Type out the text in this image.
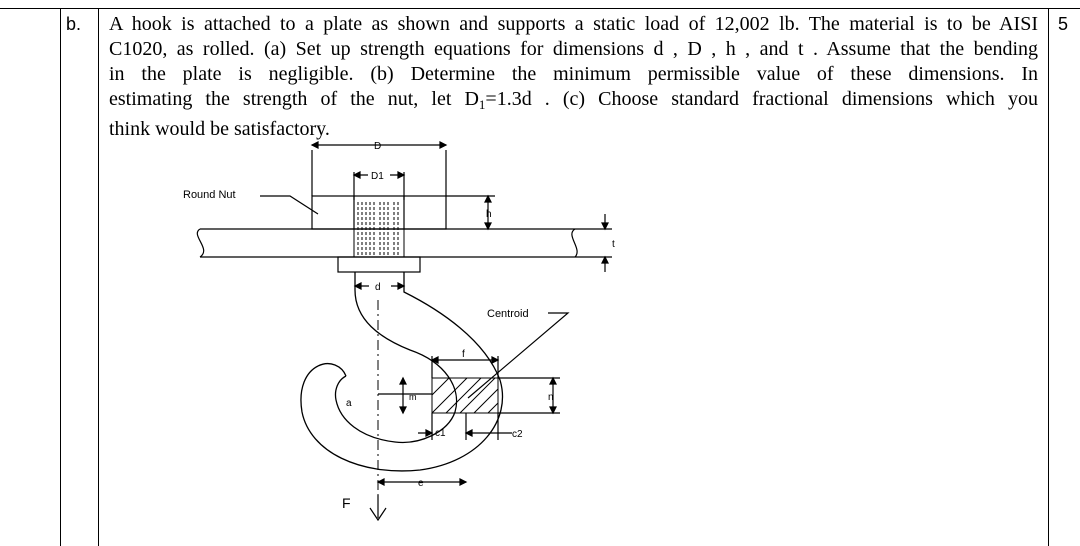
b.	5
A hook is attached to a plate as shown and supports a static load of 12,002 lb. The material is to be AISI
C1020, as rolled. (a) Set up strength equations for dimensions d , D , h , and t . Assume that the bending
in the plate is negligible. (b) Determine the minimum permissible value of these dimensions. In
estimating the strength of the nut, let $D_1=1.3d$ . (c) Choose standard fractional dimensions which you
think would be satisfactory.
Round Nut
D
D1
h
t
d
Centroid
f
a
m	n
c1	c2
e
F
